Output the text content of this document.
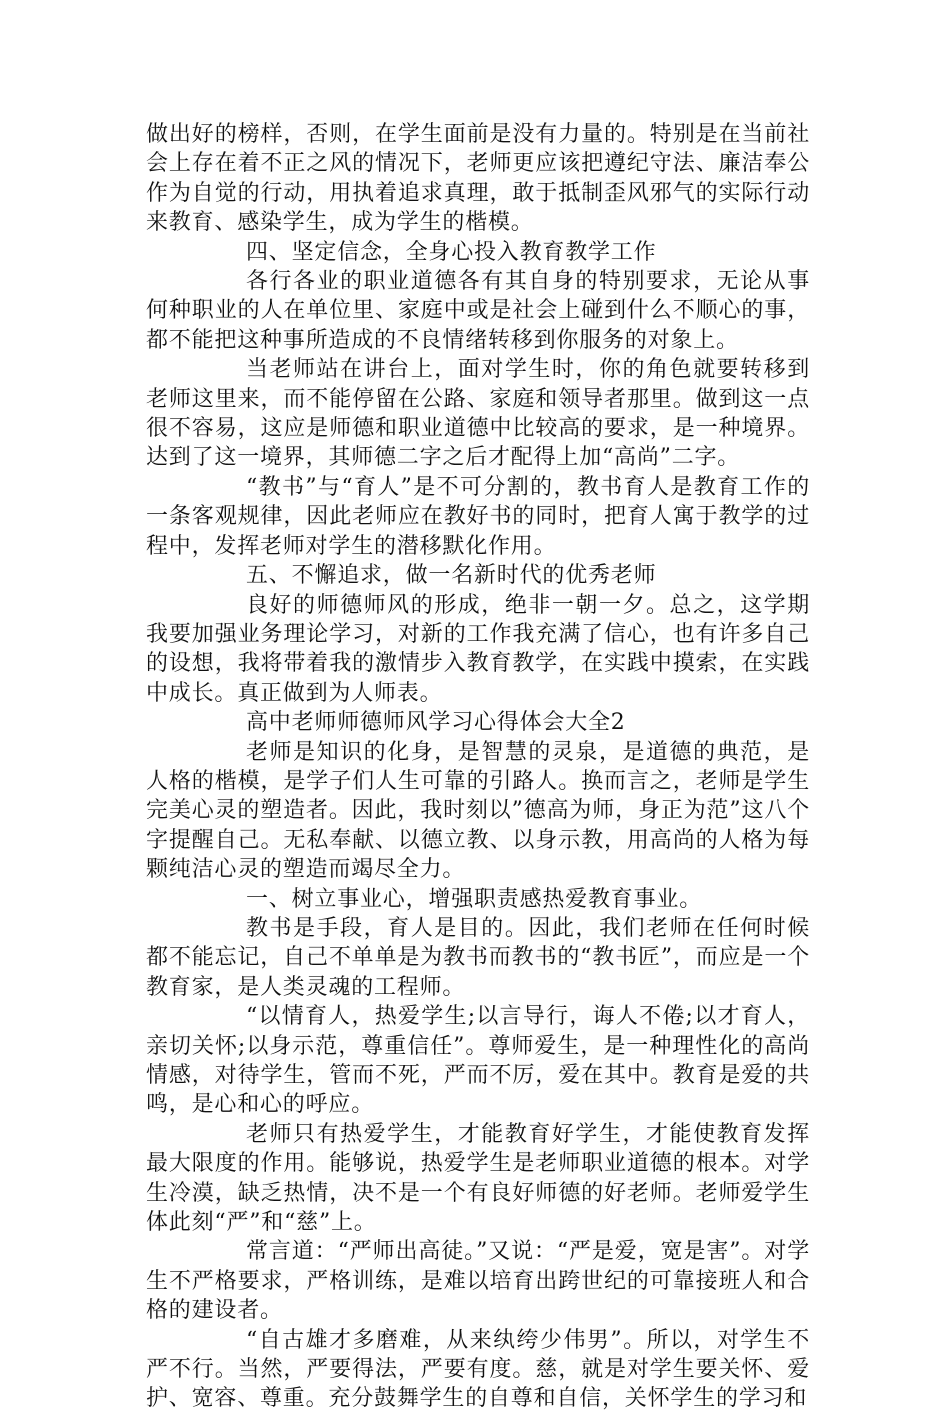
做出好的榜样，否则，在学生面前是没有力量的。特别是在当前社会上存在着不正之风的情况下，老师更应该把遵纪守法、廉洁奉公作为自觉的行动，用执着追求真理，敢于抵制歪风邪气的实际行动来教育、感染学生，成为学生的楷模。

四、坚定信念，全身心投入教育教学工作

各行各业的职业道德各有其自身的特别要求，无论从事何种职业的人在单位里、家庭中或是社会上碰到什么不顺心的事，都不能把这种事所造成的不良情绪转移到你服务的对象上。

当老师站在讲台上，面对学生时，你的角色就要转移到老师这里来，而不能停留在公路、家庭和领导者那里。做到这一点很不容易，这应是师德和职业道德中比较高的要求，是一种境界。达到了这一境界，其师德二字之后才配得上加“高尚”二字。

“教书”与“育人”是不可分割的，教书育人是教育工作的一条客观规律，因此老师应在教好书的同时，把育人寓于教学的过程中，发挥老师对学生的潜移默化作用。

五、不懈追求，做一名新时代的优秀老师

良好的师德师风的形成，绝非一朝一夕。总之，这学期我要加强业务理论学习，对新的工作我充满了信心，也有许多自己的设想，我将带着我的激情步入教育教学，在实践中摸索，在实践中成长。真正做到为人师表。

高中老师师德师风学习心得体会大全2

老师是知识的化身，是智慧的灵泉，是道德的典范，是人格的楷模，是学子们人生可靠的引路人。换而言之，老师是学生完美心灵的塑造者。因此，我时刻以”德高为师，身正为范”这八个字提醒自己。无私奉献、以德立教、以身示教，用高尚的人格为每颗纯洁心灵的塑造而竭尽全力。

一、树立事业心，增强职责感热爱教育事业。

教书是手段，育人是目的。因此，我们老师在任何时候都不能忘记，自己不单单是为教书而教书的“教书匠”，而应是一个教育家，是人类灵魂的工程师。

“以情育人，热爱学生;以言导行，诲人不倦;以才育人，亲切关怀;以身示范，尊重信任”。尊师爱生，是一种理性化的高尚情感，对待学生，管而不死，严而不厉，爱在其中。教育是爱的共鸣，是心和心的呼应。

老师只有热爱学生，才能教育好学生，才能使教育发挥最大限度的作用。能够说，热爱学生是老师职业道德的根本。对学生冷漠，缺乏热情，决不是一个有良好师德的好老师。老师爱学生体此刻“严”和“慈”上。

常言道：“严师出高徒。”又说：“严是爱，宽是害”。对学生不严格要求，严格训练，是难以培育出跨世纪的可靠接班人和合格的建设者。

“自古雄才多磨难，从来纨绔少伟男”。所以，对学生不严不行。当然，严要得法，严要有度。慈，就是对学生要关怀、爱护、宽容、尊重。充分鼓舞学生的自尊和自信，关怀学生的学习和
